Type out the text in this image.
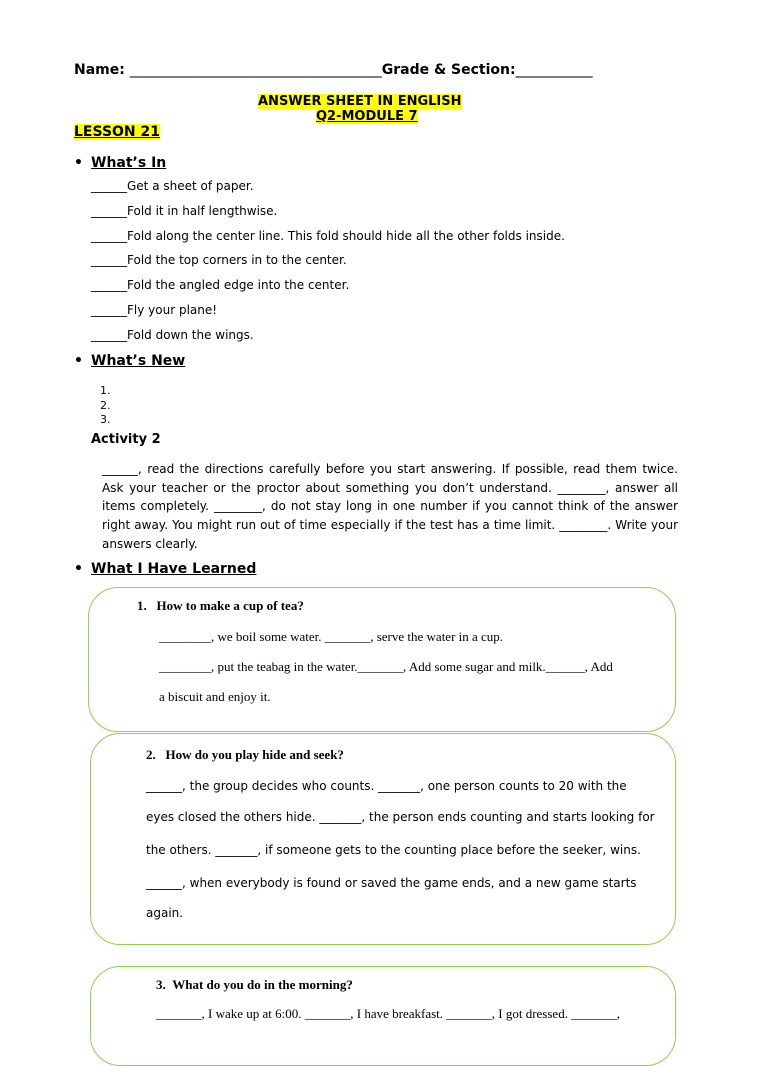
Name: ____________________________________Grade & Section:___________
ANSWER SHEET IN ENGLISH
Q2-MODULE 7
LESSON 21
• What’s In
______Get a sheet of paper.
______Fold it in half lengthwise.
______Fold along the center line. This fold should hide all the other folds inside.
______Fold the top corners in to the center.
______Fold the angled edge into the center.
______Fly your plane!
______Fold down the wings.
• What’s New
1.
2.
3.
Activity 2
______, read the directions carefully before you start answering. If possible, read them twice. Ask your teacher or the proctor about something you don’t understand. ________, answer all items completely. ________, do not stay long in one number if you cannot think of the answer right away. You might run out of time especially if the test has a time limit. ________. Write your answers clearly.
• What I Have Learned
1.   How to make a cup of tea?
________, we boil some water. _______, serve the water in a cup.
________, put the teabag in the water._______, Add some sugar and milk.______, Add
a biscuit and enjoy it.
2.   How do you play hide and seek?
______, the group decides who counts. _______, one person counts to 20 with the
eyes closed the others hide. _______, the person ends counting and starts looking for
the others. _______, if someone gets to the counting place before the seeker, wins.
______, when everybody is found or saved the game ends, and a new game starts
again.
3.  What do you do in the morning?
_______, I wake up at 6:00. _______, I have breakfast. _______, I got dressed. _______,
